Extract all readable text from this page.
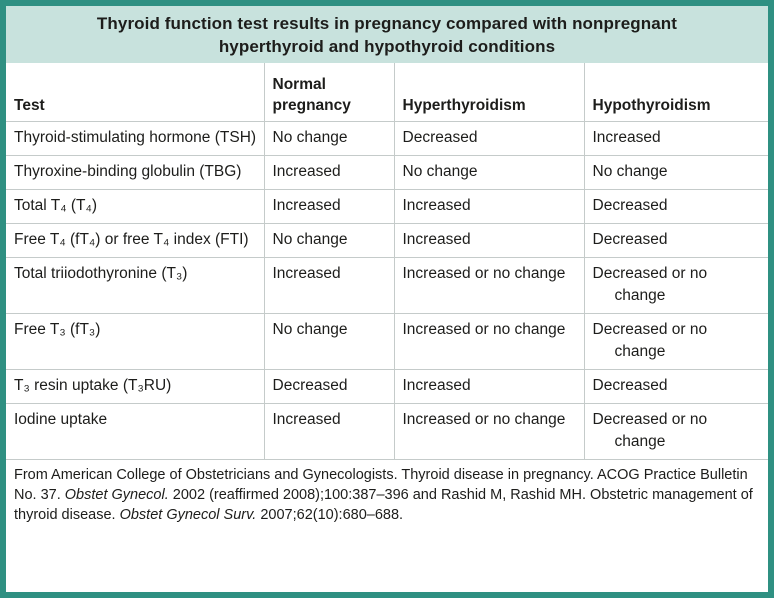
Thyroid function test results in pregnancy compared with nonpregnant hyperthyroid and hypothyroid conditions
Test	Normal pregnancy	Hyperthyroidism	Hypothyroidism

Thyroid-stimulating hormone (TSH)	No change	Decreased	Increased

Thyroxine-binding globulin (TBG)	Increased	No change	No change

Total T₄ (T₄)	Increased	Increased	Decreased

Free T₄ (fT₄) or free T₄ index (FTI)	No change	Increased	Decreased

Total triiodothyronine (T₃)	Increased	Increased or no change	Decreased or no change

Free T₃ (fT₃)	No change	Increased or no change	Decreased or no change

T₃ resin uptake (T₃RU)	Decreased	Increased	Decreased

Iodine uptake	Increased	Increased or no change	Decreased or no change

From American College of Obstetricians and Gynecologists. Thyroid disease in pregnancy. ACOG Practice Bulletin No. 37. Obstet Gynecol. 2002 (reaffirmed 2008);100:387–396 and Rashid M, Rashid MH. Obstetric management of thyroid disease. Obstet Gynecol Surv. 2007;62(10):680–688.			
